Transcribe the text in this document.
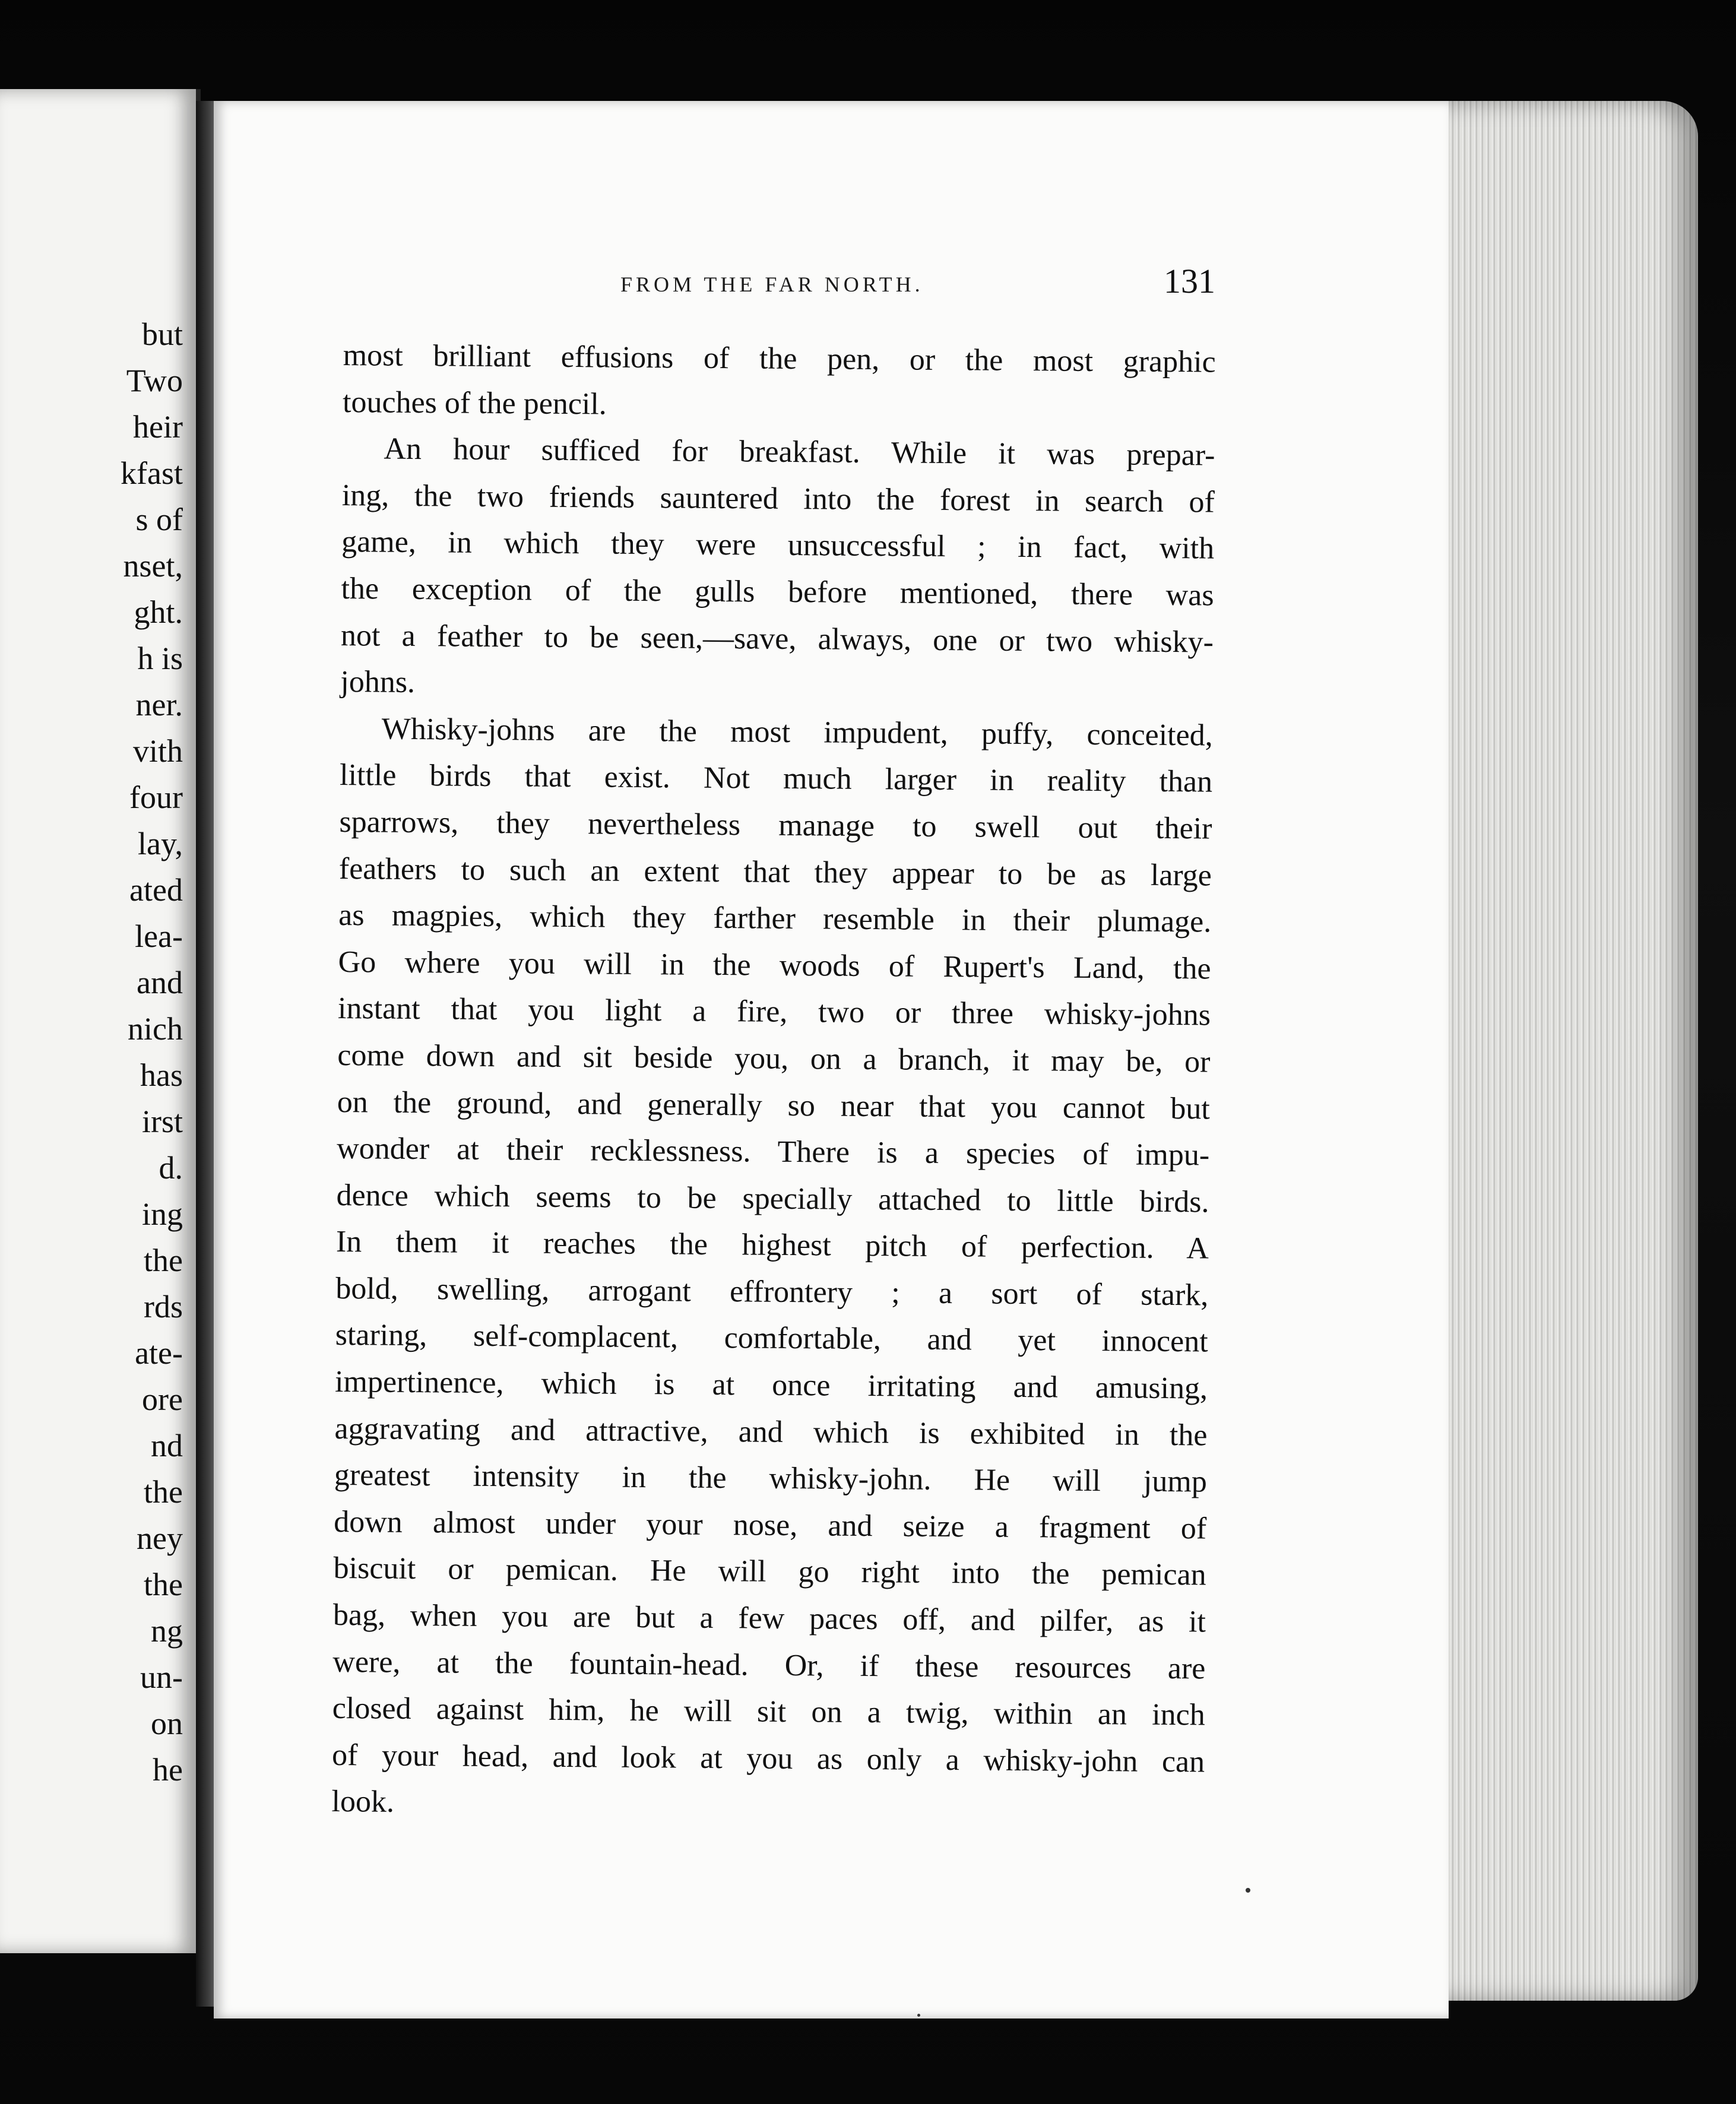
but
Two
heir
kfast
s of
nset,
ght.
h is
ner.
vith
four
lay,
ated
lea-
and
nich
has
irst
d.
ing
the
rds
ate-
ore
nd
the
ney
the
ng
un-
on
he
FROM THE FAR NORTH.	131
most brilliant effusions of the pen, or the most graphic
touches of the pencil.
An hour sufficed for breakfast. While it was prepar-
ing, the two friends sauntered into the forest in search of
game, in which they were unsuccessful ; in fact, with
the exception of the gulls before mentioned, there was
not a feather to be seen,—save, always, one or two whisky-
johns.
Whisky-johns are the most impudent, puffy, conceited,
little birds that exist. Not much larger in reality than
sparrows, they nevertheless manage to swell out their
feathers to such an extent that they appear to be as large
as magpies, which they farther resemble in their plumage.
Go where you will in the woods of Rupert's Land, the
instant that you light a fire, two or three whisky-johns
come down and sit beside you, on a branch, it may be, or
on the ground, and generally so near that you cannot but
wonder at their recklessness. There is a species of impu-
dence which seems to be specially attached to little birds.
In them it reaches the highest pitch of perfection. A
bold, swelling, arrogant effrontery ; a sort of stark,
staring, self-complacent, comfortable, and yet innocent
impertinence, which is at once irritating and amusing,
aggravating and attractive, and which is exhibited in the
greatest intensity in the whisky-john. He will jump
down almost under your nose, and seize a fragment of
biscuit or pemican. He will go right into the pemican
bag, when you are but a few paces off, and pilfer, as it
were, at the fountain-head. Or, if these resources are
closed against him, he will sit on a twig, within an inch
of your head, and look at you as only a whisky-john can
look.
